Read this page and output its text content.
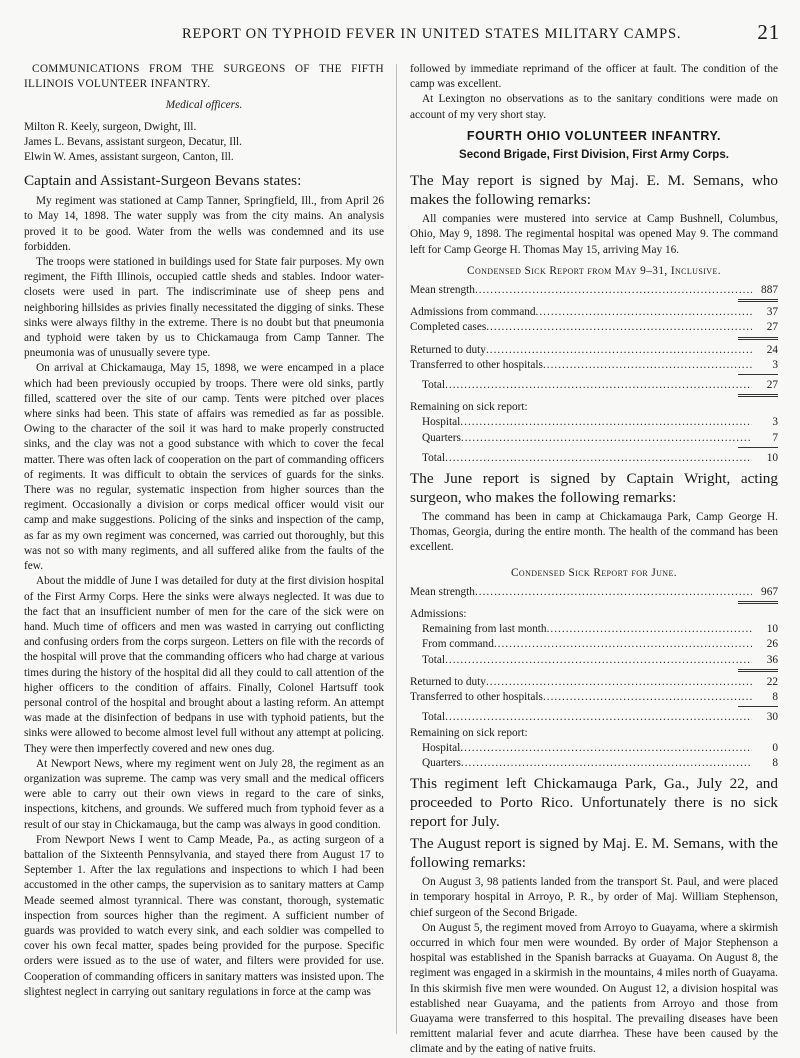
REPORT ON TYPHOID FEVER IN UNITED STATES MILITARY CAMPS.	21

COMMUNICATIONS FROM THE SURGEONS OF THE FIFTH ILLINOIS VOLUNTEER INFANTRY.

Medical officers.

Milton R. Keely, surgeon, Dwight, Ill.
James L. Bevans, assistant surgeon, Decatur, Ill.
Elwin W. Ames, assistant surgeon, Canton, Ill.

Captain and Assistant-Surgeon Bevans states:

My regiment was stationed at Camp Tanner, Springfield, Ill., from April 26 to May 14, 1898. The water supply was from the city mains. An analysis proved it to be good. Water from the wells was condemned and its use forbidden.

The troops were stationed in buildings used for State fair purposes. My own regiment, the Fifth Illinois, occupied cattle sheds and stables. Indoor water-closets were used in part. The indiscriminate use of sheep pens and neighboring hillsides as privies finally necessitated the digging of sinks. These sinks were always filthy in the extreme. There is no doubt but that pneumonia and typhoid were taken by us to Chickamauga from Camp Tanner. The pneumonia was of unusually severe type.

On arrival at Chickamauga, May 15, 1898, we were encamped in a place which had been previously occupied by troops. There were old sinks, partly filled, scattered over the site of our camp. Tents were pitched over places where sinks had been. This state of affairs was remedied as far as possible. Owing to the character of the soil it was hard to make properly constructed sinks, and the clay was not a good substance with which to cover the fecal matter. There was often lack of cooperation on the part of commanding officers of regiments. It was difficult to obtain the services of guards for the sinks. There was no regular, systematic inspection from higher sources than the regiment. Occasionally a division or corps medical officer would visit our camp and make suggestions. Policing of the sinks and inspection of the camp, as far as my own regiment was concerned, was carried out thoroughly, but this was not so with many regiments, and all suffered alike from the faults of the few.

About the middle of June I was detailed for duty at the first division hospital of the First Army Corps. Here the sinks were always neglected. It was due to the fact that an insufficient number of men for the care of the sick were on hand. Much time of officers and men was wasted in carrying out conflicting and confusing orders from the corps surgeon. Letters on file with the records of the hospital will prove that the commanding officers who had charge at various times during the history of the hospital did all they could to call attention of the higher officers to the condition of affairs. Finally, Colonel Hartsuff took personal control of the hospital and brought about a lasting reform. An attempt was made at the disinfection of bedpans in use with typhoid patients, but the sinks were allowed to become almost level full without any attempt at policing. They were then imperfectly covered and new ones dug.

At Newport News, where my regiment went on July 28, the regiment as an organization was supreme. The camp was very small and the medical officers were able to carry out their own views in regard to the care of sinks, inspections, kitchens, and grounds. We suffered much from typhoid fever as a result of our stay in Chickamauga, but the camp was always in good condition.

From Newport News I went to Camp Meade, Pa., as acting surgeon of a battalion of the Sixteenth Pennsylvania, and stayed there from August 17 to September 1. After the lax regulations and inspections to which I had been accustomed in the other camps, the supervision as to sanitary matters at Camp Meade seemed almost tyrannical. There was constant, thorough, systematic inspection from sources higher than the regiment. A sufficient number of guards was provided to watch every sink, and each soldier was compelled to cover his own fecal matter, spades being provided for the purpose. Specific orders were issued as to the use of water, and filters were provided for use. Cooperation of commanding officers in sanitary matters was insisted upon. The slightest neglect in carrying out sanitary regulations in force at the camp was

followed by immediate reprimand of the officer at fault. The condition of the camp was excellent.

At Lexington no observations as to the sanitary conditions were made on account of my very short stay.

FOURTH OHIO VOLUNTEER INFANTRY.
Second Brigade, First Division, First Army Corps.

The May report is signed by Maj. E. M. Semans, who makes the following remarks:

All companies were mustered into service at Camp Bushnell, Columbus, Ohio, May 9, 1898. The regimental hospital was opened May 9. The command left for Camp George H. Thomas May 15, arriving May 16.

Condensed Sick Report from May 9–31, Inclusive.
Mean strength .....	887
Admissions from command .....	37
Completed cases .....	27
Returned to duty .....	24
Transferred to other hospitals .....	3
Total .....	27
Remaining on sick report:
Hospital .....	3
Quarters .....	7
Total .....	10

The June report is signed by Captain Wright, acting surgeon, who makes the following remarks:

The command has been in camp at Chickamauga Park, Camp George H. Thomas, Georgia, during the entire month. The health of the command has been excellent.

Condensed Sick Report for June.
Mean strength .....	967
Admissions:
Remaining from last month .....	10
From command .....	26
Total .....	36
Returned to duty .....	22
Transferred to other hospitals .....	8
Total .....	30
Remaining on sick report:
Hospital .....	0
Quarters .....	8

This regiment left Chickamauga Park, Ga., July 22, and proceeded to Porto Rico. Unfortunately there is no sick report for July.

The August report is signed by Maj. E. M. Semans, with the following remarks:

On August 3, 98 patients landed from the transport St. Paul, and were placed in temporary hospital in Arroyo, P. R., by order of Maj. William Stephenson, chief surgeon of the Second Brigade.

On August 5, the regiment moved from Arroyo to Guayama, where a skirmish occurred in which four men were wounded. By order of Major Stephenson a hospital was established in the Spanish barracks at Guayama. On August 8, the regiment was engaged in a skirmish in the mountains, 4 miles north of Guayama. In this skirmish five men were wounded. On August 12, a division hospital was established near Guayama, and the patients from Arroyo and those from Guayama were transferred to this hospital. The prevailing diseases have been remittent malarial fever and acute diarrhea. These have been caused by the climate and by the eating of native fruits.
